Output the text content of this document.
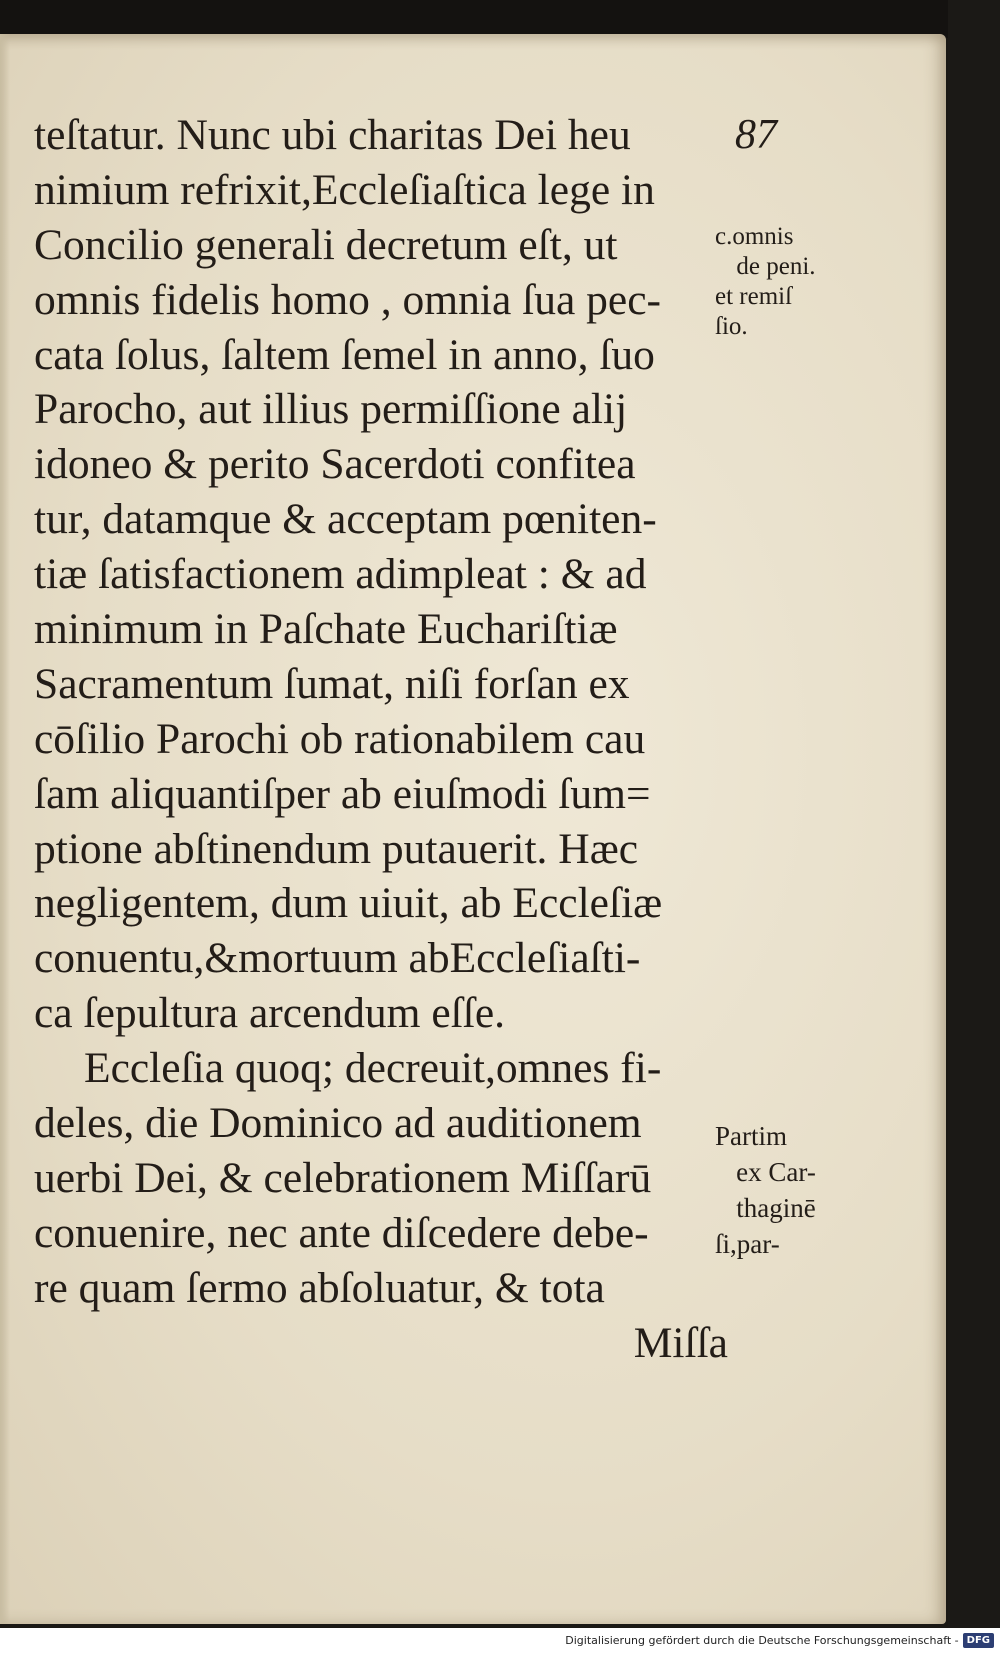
87
teſtatur. Nunc ubi charitas Dei heu
nimium refrixit,Eccleſiaſtica lege in
Concilio generali decretum eſt, ut
omnis fidelis homo , omnia ſua pec-
cata ſolus, ſaltem ſemel in anno, ſuo
Parocho, aut illius permiſſione alij
idoneo & perito Sacerdoti confitea
tur, datamque & acceptam pœniten-
tiæ ſatisfactionem adimpleat : & ad
minimum in Paſchate Euchariſtiæ
Sacramentum ſumat, niſi forſan ex
cōſilio Parochi ob rationabilem cau
ſam aliquantiſper ab eiuſmodi ſum=
ptione abſtinendum putauerit. Hæc
negligentem, dum uiuit, ab Eccleſiæ
conuentu,&mortuum abEccleſiaſti-
ca ſepultura arcendum eſſe.
Eccleſia quoq; decreuit,omnes fi-
deles, die Dominico ad auditionem
uerbi Dei, & celebrationem Miſſarū
conuenire, nec ante diſcedere debe-
re quam ſermo abſoluatur, & tota
Miſſa
c.omnis
de peni.
et remiſ
ſio.
Partim
ex Car-
thaginē
ſi,par-
Digitalisierung gefördert durch die Deutsche Forschungsgemeinschaft - DFG
